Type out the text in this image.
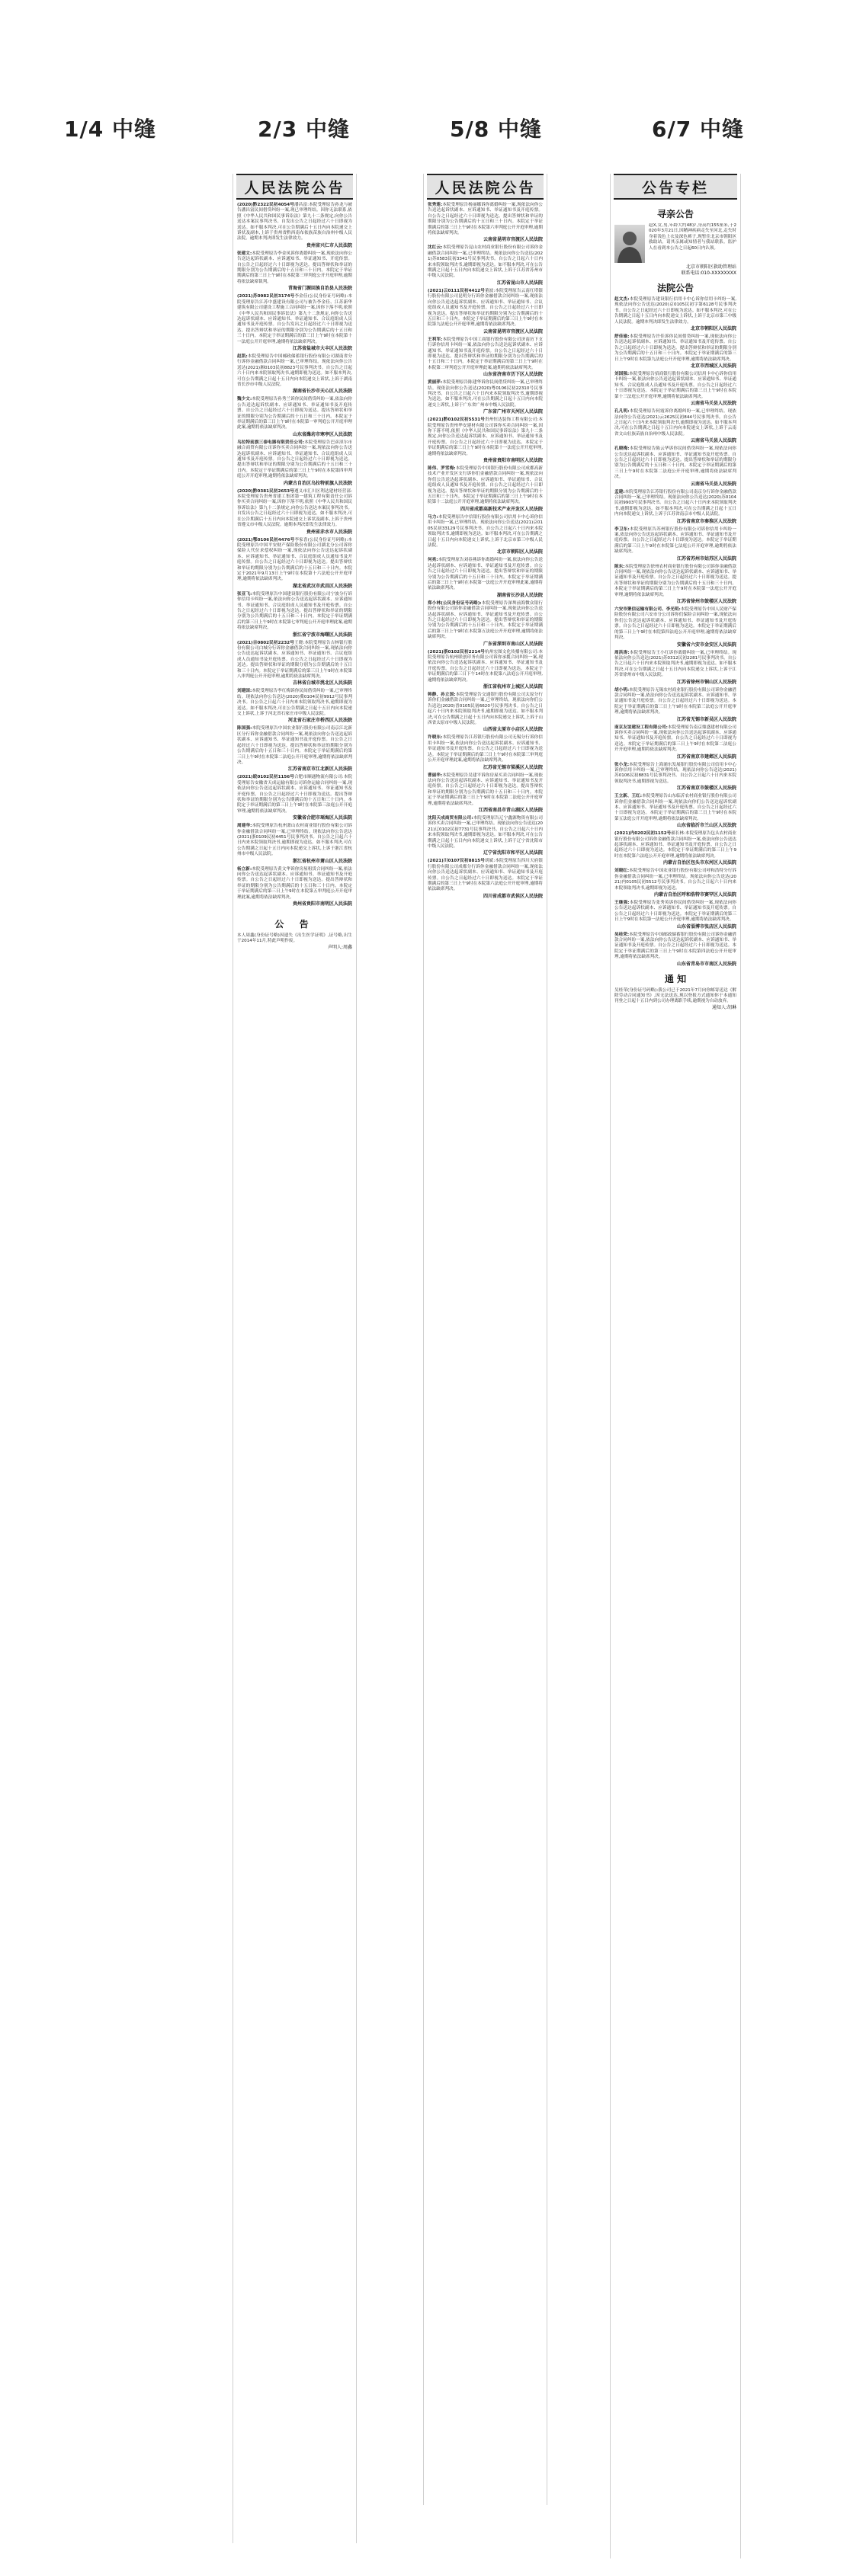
1/4 中缝	2/3 中缝	5/8 中缝	6/7 中缝
人民法院公告
(2020)黔2322民初4054号潘昌富:本院受理原告孙龙与被告潘昌富民间借贷纠纷一案,现已审理终结。因你无法联系,依照《中华人民共和国民事诉讼法》第九十二条规定,向你公告送达本案民事判决书。自发出公告之日起经过六十日即视为送达。如不服本判决,可在公告期满后十五日内向本院递交上诉状及副本,上诉于贵州省黔西南布依族苗族自治州中级人民法院。逾期本判决即发生法律效力。
贵州省兴仁市人民法院
张建文:本院受理原告李金凤诉你离婚纠纷一案,现依法向你公告送达起诉状副本、应诉通知书、举证通知书、开庭传票。自公告之日起经过六十日即视为送达。提出答辩状和举证的期限分别为公告期满后的十五日和三十日内。本院定于举证期满后的第三日上午9时在本院第三审判庭公开开庭审理,逾期将依法缺席裁判。
青海省门源回族自治县人民法院
(2021)苏0982民初3174号李金佳(公民身份证号码略):本院受理原告江苏中盛建设有限公司与被告李金佳、江苏新华建筑有限公司建设工程施工合同纠纷一案,因你下落不明,依照《中华人民共和国民事诉讼法》第九十二条规定,向你公告送达起诉状副本、应诉通知书、举证通知书、合议庭组成人员通知书及开庭传票。自公告发出之日起经过六十日即视为送达。提出答辩状和举证的期限分别为公告期满后的十五日和三十日内。本院定于举证期满后的第三日上午9时在本院第十一法庭公开开庭审理,逾期将依法缺席判决。
江苏省盐城市大丰区人民法院
赵凯:本院受理原告中国邮政储蓄银行股份有限公司湖南省分行诉你金融借款合同纠纷一案,已审理终结。现依法向你公告送达(2021)湘0103民初8823号民事判决书。自公告之日起六十日内来本院领取判决书,逾期即视为送达。如不服本判决,可在公告期满之日起十五日内向本院递交上诉状,上诉于湖南省长沙市中级人民法院。
湖南省长沙市天心区人民法院
魏少文:本院受理原告孙秀兰诉你民间借贷纠纷一案,依法向你公告送达起诉状副本、应诉通知书、举证通知书及开庭传票。自公告之日起经过六十日即视为送达。提出答辩状和举证的期限分别为公告期满后的十五日和三十日内。本院定于举证期满后的第三日上午9时在本院第一审判庭公开开庭审理此案,逾期将依法缺席判决。
山东省潍坊市寒亭区人民法院
乌拉特前旗三泰电器有限责任公司:本院受理原告巴彦淖尔市融合商贸有限公司诉你买卖合同纠纷一案,现依法向你公告送达起诉状副本、应诉通知书、举证通知书、合议庭组成人员通知书及开庭传票。自公告之日起经过六十日即视为送达。提出答辩状和举证的期限分别为公告期满后的十五日和三十日内。本院定于举证期满后的第三日上午9时在本院第四审判庭公开开庭审理,逾期将依法缺席判决。
内蒙古自治区乌拉特前旗人民法院
(2020)黔0381民初2653号遵义市汇川区利达建材经营部:本院受理原告贵州省建工集团第一建筑工程有限责任公司诉你买卖合同纠纷一案,因你下落不明,依照《中华人民共和国民事诉讼法》第九十二条规定,向你公告送达本案民事判决书。自发出公告之日起经过六十日即视为送达。如不服本判决,可在公告期满后十五日内向本院递交上诉状及副本,上诉于贵州省遵义市中级人民法院。逾期本判决即发生法律效力。
贵州省赤水市人民法院
(2021)鄂0106民初4476号李家喜(公民身份证号码略):本院受理原告中国平安财产保险股份有限公司湖北分公司诉你保险人代位求偿权纠纷一案,现依法向你公告送达起诉状副本、应诉通知书、举证通知书、合议庭组成人员通知书及开庭传票。自公告之日起经过六十日即视为送达。提出答辩状和举证的期限分别为公告期满后的十五日和三十日内。本院定于2021年9月13日上午9时在本院第十六法庭公开开庭审理,逾期将依法缺席判决。
湖北省武汉市武昌区人民法院
张亚飞:本院受理原告中国建设银行股份有限公司宁波分行诉你信用卡纠纷一案,依法向你公告送达起诉状副本、应诉通知书、举证通知书、合议庭组成人员通知书及开庭传票。自公告之日起经过六十日即视为送达。提出答辩状和举证的期限分别为公告期满后的十五日和三十日内。本院定于举证期满后的第三日上午9时在本院第七审判庭公开开庭审理此案,逾期将依法缺席判决。
浙江省宁波市海曙区人民法院
(2021)吉0802民初2232号王晓:本院受理原告吉林银行股份有限公司白城分行诉你金融借款合同纠纷一案,现依法向你公告送达起诉状副本、应诉通知书、举证通知书、合议庭组成人员通知书及开庭传票。自公告之日起经过六十日即视为送达。提出答辩状和举证的期限分别为公告期满后的十五日和三十日内。本院定于举证期满后的第三日上午9时在本院第八审判庭公开开庭审理,逾期将依法缺席判决。
吉林省白城市洮北区人民法院
刘建国:本院受理原告李红梅诉你民间借贷纠纷一案,已审理终结。现依法向你公告送达(2020)冀0104民初9912号民事判决书。自公告之日起六十日内来本院领取判决书,逾期即视为送达。如不服本判决,可在公告期满之日起十五日内向本院递交上诉状,上诉于河北省石家庄市中级人民法院。
河北省石家庄市桥西区人民法院
陈国强:本院受理原告中国农业银行股份有限公司南京江北新区分行诉你金融借款合同纠纷一案,现依法向你公告送达起诉状副本、应诉通知书、举证通知书及开庭传票。自公告之日起经过六十日即视为送达。提出答辩状和举证的期限分别为公告期满后的十五日和三十日内。本院定于举证期满后的第三日上午9时在本院第二法庭公开开庭审理,逾期将依法缺席判决。
江苏省南京市江北新区人民法院
(2021)皖0102民初1156号合肥市顺通物流有限公司:本院受理原告安徽省天成运输有限公司诉你运输合同纠纷一案,现依法向你公告送达起诉状副本、应诉通知书、举证通知书及开庭传票。自公告之日起经过六十日即视为送达。提出答辩状和举证的期限分别为公告期满后的十五日和三十日内。本院定于举证期满后的第三日上午9时在本院第三法庭公开开庭审理,逾期将依法缺席判决。
安徽省合肥市瑶海区人民法院
周建华:本院受理原告杭州萧山农村商业银行股份有限公司诉你金融借款合同纠纷一案,已审理终结。现依法向你公告送达(2021)浙0109民初4451号民事判决书。自公告之日起六十日内来本院领取判决书,逾期即视为送达。如不服本判决,可在公告期满之日起十五日内向本院递交上诉状,上诉于浙江省杭州市中级人民法院。
浙江省杭州市萧山区人民法院
杨立新:本院受理原告黄文华诉你房屋租赁合同纠纷一案,依法向你公告送达起诉状副本、应诉通知书、举证通知书及开庭传票。自公告之日起经过六十日即视为送达。提出答辩状和举证的期限分别为公告期满后的十五日和三十日内。本院定于举证期满后的第三日上午9时在本院第五审判庭公开开庭审理此案,逾期将依法缺席判决。
贵州省贵阳市南明区人民法院
公 告
本人周鑫(身份证号略)因遗失《出生医学证明》,证号略,出生于2014年11月,特此声明作废。
声明人:周鑫
人民法院公告
张秀莲:本院受理原告杨丽娜诉你离婚纠纷一案,现依法向你公告送达起诉状副本、应诉通知书、举证通知书及开庭传票。自公告之日起经过六十日即视为送达。提出答辩状和举证的期限分别为公告期满后的十五日和三十日内。本院定于举证期满后的第三日上午9时在本院第六审判庭公开开庭审理,逾期将依法缺席判决。
云南省昆明市官渡区人民法院
沈红云:本院受理原告昆山农村商业银行股份有限公司诉你金融借款合同纠纷一案,已审理终结。现依法向你公告送达(2021)苏0583民初3341号民事判决书。自公告之日起六十日内来本院领取判决书,逾期即视为送达。如不服本判决,可在公告期满之日起十五日内向本院递交上诉状,上诉于江苏省苏州市中级人民法院。
江苏省昆山市人民法院
(2021)云0111民初4412号董波:本院受理原告云南红塔银行股份有限公司昆明分行诉你金融借款合同纠纷一案,现依法向你公告送达起诉状副本、应诉通知书、举证通知书、合议庭组成人员通知书及开庭传票。自公告之日起经过六十日即视为送达。提出答辩状和举证的期限分别为公告期满后的十五日和三十日内。本院定于举证期满后的第三日上午9时在本院第九法庭公开开庭审理,逾期将依法缺席判决。
云南省昆明市官渡区人民法院
王利军:本院受理原告中国工商银行股份有限公司济南历下支行诉你信用卡纠纷一案,依法向你公告送达起诉状副本、应诉通知书、举证通知书及开庭传票。自公告之日起经过六十日即视为送达。提出答辩状和举证的期限分别为公告期满后的十五日和三十日内。本院定于举证期满后的第三日上午9时在本院第二审判庭公开开庭审理此案,逾期将依法缺席判决。
山东省济南市历下区人民法院
黄丽萍:本院受理原告陈建华诉你民间借贷纠纷一案,已审理终结。现依法向你公告送达(2020)粤0106民初22310号民事判决书。自公告之日起六十日内来本院领取判决书,逾期即视为送达。如不服本判决,可在公告期满之日起十五日内向本院递交上诉状,上诉于广东省广州市中级人民法院。
广东省广州市天河区人民法院
(2021)黔0102民初5531号贵州恒达装饰工程有限公司:本院受理原告贵州华安建材有限公司诉你买卖合同纠纷一案,因你下落不明,依照《中华人民共和国民事诉讼法》第九十二条规定,向你公告送达起诉状副本、应诉通知书、举证通知书及开庭传票。自公告之日起经过六十日即视为送达。本院定于举证期满后的第三日上午9时在本院第十一法庭公开开庭审理,逾期将依法缺席判决。
贵州省贵阳市南明区人民法院
陈伟、罗雪梅:本院受理原告中国银行股份有限公司成都高新技术产业开发区支行诉你们金融借款合同纠纷一案,现依法向你们公告送达起诉状副本、应诉通知书、举证通知书、合议庭组成人员通知书及开庭传票。自公告之日起经过六十日即视为送达。提出答辩状和举证的期限分别为公告期满后的十五日和三十日内。本院定于举证期满后的第三日上午9时在本院第十二法庭公开开庭审理,逾期将依法缺席判决。
四川省成都高新技术产业开发区人民法院
马力:本院受理原告中信银行股份有限公司信用卡中心诉你信用卡纠纷一案,已审理终结。现依法向你公告送达(2021)京0105民初33129号民事判决书。自公告之日起六十日内来本院领取判决书,逾期即视为送达。如不服本判决,可在公告期满之日起十五日内向本院递交上诉状,上诉于北京市第三中级人民法院。
北京市朝阳区人民法院
何亮:本院受理原告刘春燕诉你离婚纠纷一案,依法向你公告送达起诉状副本、应诉通知书、举证通知书及开庭传票。自公告之日起经过六十日即视为送达。提出答辩状和举证的期限分别为公告期满后的十五日和三十日内。本院定于举证期满后的第三日上午9时在本院第一法庭公开开庭审理此案,逾期将依法缺席判决。
湖南省长沙县人民法院
郑小林(公民身份证号码略):本院受理原告深圳前海微众银行股份有限公司诉你金融借款合同纠纷一案,现依法向你公告送达起诉状副本、应诉通知书、举证通知书及开庭传票。自公告之日起经过六十日即视为送达。提出答辩状和举证的期限分别为公告期满后的十五日和三十日内。本院定于举证期满后的第三日上午9时在本院第五法庭公开开庭审理,逾期将依法缺席判决。
广东省深圳市南山区人民法院
(2021)浙0102民初2214号杭州宏图文化传播有限公司:本院受理原告杭州联创印务有限公司诉你承揽合同纠纷一案,现依法向你公告送达起诉状副本、应诉通知书、举证通知书及开庭传票。自公告之日起经过六十日即视为送达。本院定于举证期满后的第三日下午14时在本院第八法庭公开开庭审理,逾期将依法缺席判决。
浙江省杭州市上城区人民法院
韩静、孙立国:本院受理原告交通银行股份有限公司太原分行诉你们金融借款合同纠纷一案,已审理终结。现依法向你们公告送达(2020)晋0105民初6620号民事判决书。自公告之日起六十日内来本院领取判决书,逾期即视为送达。如不服本判决,可在公告期满之日起十五日内向本院递交上诉状,上诉于山西省太原市中级人民法院。
山西省太原市小店区人民法院
许晓东:本院受理原告江苏银行股份有限公司无锡分行诉你信用卡纠纷一案,依法向你公告送达起诉状副本、应诉通知书、举证通知书及开庭传票。自公告之日起经过六十日即视为送达。本院定于举证期满后的第三日上午9时在本院第三审判庭公开开庭审理此案,逾期将依法缺席判决。
江苏省无锡市梁溪区人民法院
曹丽华:本院受理原告吴建平诉你房屋买卖合同纠纷一案,现依法向你公告送达起诉状副本、应诉通知书、举证通知书及开庭传票。自公告之日起经过六十日即视为送达。提出答辩状和举证的期限分别为公告期满后的十五日和三十日内。本院定于举证期满后的第三日上午9时在本院第二法庭公开开庭审理,逾期将依法缺席判决。
江西省南昌市青山湖区人民法院
沈阳天成商贸有限公司:本院受理原告辽宁鑫源物资有限公司诉你买卖合同纠纷一案,已审理终结。现依法向你公告送达(2021)辽0102民初7731号民事判决书。自公告之日起六十日内来本院领取判决书,逾期即视为送达。如不服本判决,可在公告期满之日起十五日内向本院递交上诉状,上诉于辽宁省沈阳市中级人民法院。
辽宁省沈阳市和平区人民法院
(2021)川0107民初8815号胡斌:本院受理原告四川天府银行股份有限公司成都分行诉你金融借款合同纠纷一案,现依法向你公告送达起诉状副本、应诉通知书、举证通知书及开庭传票。自公告之日起经过六十日即视为送达。本院定于举证期满后的第三日上午9时在本院第六法庭公开开庭审理,逾期将依法缺席判决。
四川省成都市武侯区人民法院
公告专栏
寻亲公告
赵X,女,男,年龄大约48岁,身高约155厘米,于2020年3月21日,因精神疾病走失至河北,走失时身着浅色上衣及深色裤子,现暂住北京市朝阳区救助站。请其亲属或知情者与我站联系。监护人在看到本公告之日起60日内认领。
北京市朝阳区救助管理站
联系电话:010-XXXXXXXX
法院公告
赵文杰:本院受理原告建设银行信用卡中心诉你信用卡纠纷一案,现依法向你公告送达(2020)京0105民初字第6128号民事判决书。自公告之日起经过六十日即视为送达。如不服本判决,可在公告期满之日起十五日内向本院递交上诉状,上诉于北京市第三中级人民法院。逾期本判决即发生法律效力。
北京市朝阳区人民法院
舒佳瑜:本院受理原告许佳诉你民间借贷纠纷一案,现依法向你公告送达起诉状副本、应诉通知书、举证通知书及开庭传票。自公告之日起经过六十日即视为送达。提出答辩状和举证的期限分别为公告期满后的十五日和三十日内。本院定于举证期满后的第三日上午9时在本院第九法庭公开开庭审理,逾期将依法缺席判决。
北京市西城区人民法院
刘国强:本院受理原告招商银行股份有限公司信用卡中心诉你信用卡纠纷一案,依法向你公告送达起诉状副本、应诉通知书、举证通知书、合议庭组成人员通知书及开庭传票。自公告之日起经过六十日即视为送达。本院定于举证期满后的第三日上午9时在本院第十三法庭公开开庭审理,逾期将依法缺席判决。
云南省马关县人民法院
孔凡明:本院受理原告何霞诉你离婚纠纷一案,已审理终结。现依法向你公告送达(2021)云2625民初844号民事判决书。自公告之日起六十日内来本院领取判决书,逾期即视为送达。如不服本判决,可在公告期满之日起十五日内向本院递交上诉状,上诉于云南省文山壮族苗族自治州中级人民法院。
云南省马关县人民法院
孔晓梅:本院受理原告陈云华诉你民间借贷纠纷一案,现依法向你公告送达起诉状副本、应诉通知书、举证通知书及开庭传票。自公告之日起经过六十日即视为送达。提出答辩状和举证的期限分别为公告期满后的十五日和三十日内。本院定于举证期满后的第三日上午9时在本院第二法庭公开开庭审理,逾期将依法缺席判决。
云南省马关县人民法院
孟建:本院受理原告江苏银行股份有限公司南京分行诉你金融借款合同纠纷一案,已审理终结。现依法向你公告送达(2020)苏0104民初9903号民事判决书。自公告之日起六十日内来本院领取判决书,逾期即视为送达。如不服本判决,可在公告期满之日起十五日内向本院递交上诉状,上诉于江苏省南京市中级人民法院。
江苏省南京市秦淮区人民法院
李卫东:本院受理原告苏州银行股份有限公司诉你信用卡纠纷一案,依法向你公告送达起诉状副本、应诉通知书、举证通知书及开庭传票。自公告之日起经过六十日即视为送达。本院定于举证期满后的第三日上午9时在本院第七法庭公开开庭审理,逾期将依法缺席判决。
江苏省苏州市姑苏区人民法院
陈东:本院受理原告徐州农村商业银行股份有限公司诉你金融借款合同纠纷一案,现依法向你公告送达起诉状副本、应诉通知书、举证通知书及开庭传票。自公告之日起经过六十日即视为送达。提出答辩状和举证的期限分别为公告期满后的十五日和三十日内。本院定于举证期满后的第三日上午9时在本院第一法庭公开开庭审理,逾期将依法缺席判决。
江苏省徐州市鼓楼区人民法院
六安市聚信运输有限公司、李光明:本院受理原告中国人民财产保险股份有限公司六安市分公司诉你们保险合同纠纷一案,现依法向你们公告送达起诉状副本、应诉通知书、举证通知书及开庭传票。自公告之日起经过六十日即视为送达。本院定于举证期满后的第三日上午9时在本院第四法庭公开开庭审理,逾期将依法缺席判决。
安徽省六安市金安区人民法院
周洪涛:本院受理原告王小红诉你离婚纠纷一案,已审理终结。现依法向你公告送达(2021)苏0312民初2281号民事判决书。自公告之日起六十日内来本院领取判决书,逾期即视为送达。如不服本判决,可在公告期满之日起十五日内向本院递交上诉状,上诉于江苏省徐州市中级人民法院。
江苏省徐州市铜山区人民法院
胡小明:本院受理原告无锡农村商业银行股份有限公司诉你金融借款合同纠纷一案,依法向你公告送达起诉状副本、应诉通知书、举证通知书及开庭传票。自公告之日起经过六十日即视为送达。本院定于举证期满后的第三日上午9时在本院第三法庭公开开庭审理,逾期将依法缺席判决。
江苏省无锡市新吴区人民法院
南京友谊建设工程有限公司:本院受理原告南京鼎盛建材有限公司诉你买卖合同纠纷一案,现依法向你公告送达起诉状副本、应诉通知书、举证通知书及开庭传票。自公告之日起经过六十日即视为送达。本院定于举证期满后的第三日上午9时在本院第二法庭公开开庭审理,逾期将依法缺席判决。
江苏省南京市建邺区人民法院
张小龙:本院受理原告上海浦东发展银行股份有限公司信用卡中心诉你信用卡纠纷一案,已审理终结。现依法向你公告送达(2021)苏0106民初8831号民事判决书。自公告之日起六十日内来本院领取判决书,逾期即视为送达。
江苏省南京市鼓楼区人民法院
王立新、王红:本院受理原告山东临沂农村商业银行股份有限公司诉你们金融借款合同纠纷一案,现依法向你们公告送达起诉状副本、应诉通知书、举证通知书及开庭传票。自公告之日起经过六十日即视为送达。本院定于举证期满后的第三日上午9时在本院第五法庭公开开庭审理,逾期将依法缺席判决。
山东省临沂市兰山区人民法院
(2021)内0202民初1152号郝长林:本院受理原告包头农村商业银行股份有限公司诉你金融借款合同纠纷一案,依法向你公告送达起诉状副本、应诉通知书、举证通知书及开庭传票。自公告之日起经过六十日即视为送达。本院定于举证期满后的第三日上午9时在本院第六法庭公开开庭审理,逾期将依法缺席判决。
内蒙古自治区包头市东河区人民法院
刘晓红:本院受理原告中国农业银行股份有限公司呼和浩特分行诉你金融借款合同纠纷一案,已审理终结。现依法向你公告送达(2021)内0105民初5512号民事判决书。自公告之日起六十日内来本院领取判决书,逾期即视为送达。
内蒙古自治区呼和浩特市赛罕区人民法院
王继强:本院受理原告张秀英诉你民间借贷纠纷一案,现依法向你公告送达起诉状副本、应诉通知书、举证通知书及开庭传票。自公告之日起经过六十日即视为送达。本院定于举证期满后的第三日上午9时在本院第一法庭公开开庭审理,逾期将依法缺席判决。
山东省淄博市张店区人民法院
吴桂荣:本院受理原告中国邮政储蓄银行股份有限公司诉你金融借款合同纠纷一案,依法向你公告送达起诉状副本、应诉通知书、举证通知书及开庭传票。自公告之日起经过六十日即视为送达。本院定于举证期满后的第三日上午9时在本院第四法庭公开开庭审理,逾期将依法缺席判决。
山东省青岛市市南区人民法院
通 知
吴桂荣(身份证号码略):我公司已于2021年7月向你邮寄送达《解除劳动合同通知书》,因无法送达,现以登报方式通知你于本通知刊登之日起十五日内到公司办理离职手续,逾期视为自动放弃。
通知人:胡琳
